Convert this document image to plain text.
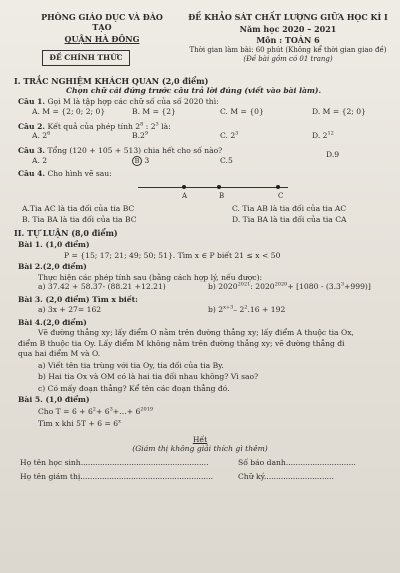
PHÒNG GIÁO DỤC VÀ ĐÀO TẠO
QUẬN HÀ ĐÔNG
ĐỀ CHÍNH THỨC
ĐỀ KHẢO SÁT CHẤT LƯỢNG GIỮA HỌC KÌ I
Năm học 2020 – 2021
Môn : TOÁN 6
Thời gian làm bài: 60 phút (Không kể thời gian giao đề)
(Đề bài gồm có 01 trang)
I. TRẮC NGHIỆM KHÁCH QUAN (2,0 điểm)
Chọn chữ cái đứng trước câu trả lời đúng (viết vào bài làm).
Câu 1. Gọi M là tập hợp các chữ số của số 2020 thì:
A. M = {2; 0; 2; 0}	B. M = {2}	C. M = {0}	D. M = {2; 0}
Câu 2. Kết quả của phép tính $2^8$ : $2^3$ là:
A. $2^6$	$B.2^9$	C. $2^3$	D. $2^{12}$
Câu 3. Tổng (120 + 105 + 513) chia hết cho số nào?
A. 2	B 3	C.5
D.9
Câu 4. Cho hình vẽ sau:
A	B	C
A.Tia AC là tia đối của tia BC	C. Tia AB là tia đối của tia AC
B. Tia BA là tia đối của tia BC	D. Tia BA là tia đối của tia CA
II. TỰ LUẬN (8,0 điểm)
Bài 1. (1,0 điểm)
P = {15; 17; 21; 49; 50; 51}. Tìm x ∈ P biết 21 ≤ x < 50
Bài 2.(2,0 điểm)
Thực hiện các phép tính sau (bằng cách hợp lý, nếu được):
a) 37.42 + 58.37- (88.21 +12.21)	b) $2020^{2021}$: $2020^{2020}+ [1080 - (3.3^3+999)]$
Bài 3. (2,0 điểm) Tìm x biết:
a) 3x + 27= 162	b) $2^{x+3}-$ $2^2.16 + 192$
Bài 4.(2,0 điểm)
Vẽ đường thẳng xy; lấy điểm O nằm trên đường thẳng xy; lấy điểm A thuộc tia Ox,
điểm B thuộc tia Oy. Lấy điểm M không nằm trên đường thẳng xy; vẽ đường thẳng đi
qua hai điểm M và O.
a) Viết tên tia trùng với tia Oy, tia đối của tia By.
b) Hai tia Ox và OM có là hai tia đối nhau không? Vì sao?
c) Có mấy đoạn thẳng? Kể tên các đoạn thẳng đó.
Bài 5. (1,0 điểm)
Cho $T = 6 + 6^2+$ $6^3+\dots+ 6^{2019}$
Tìm x khi $5T + 6 = 6^x$
Hết
(Giám thị không giải thích gì thêm)
Họ tên học sinh.....................................................	Số báo danh.............................
Họ tên giám thị.......................................................	Chữ ký.............................
